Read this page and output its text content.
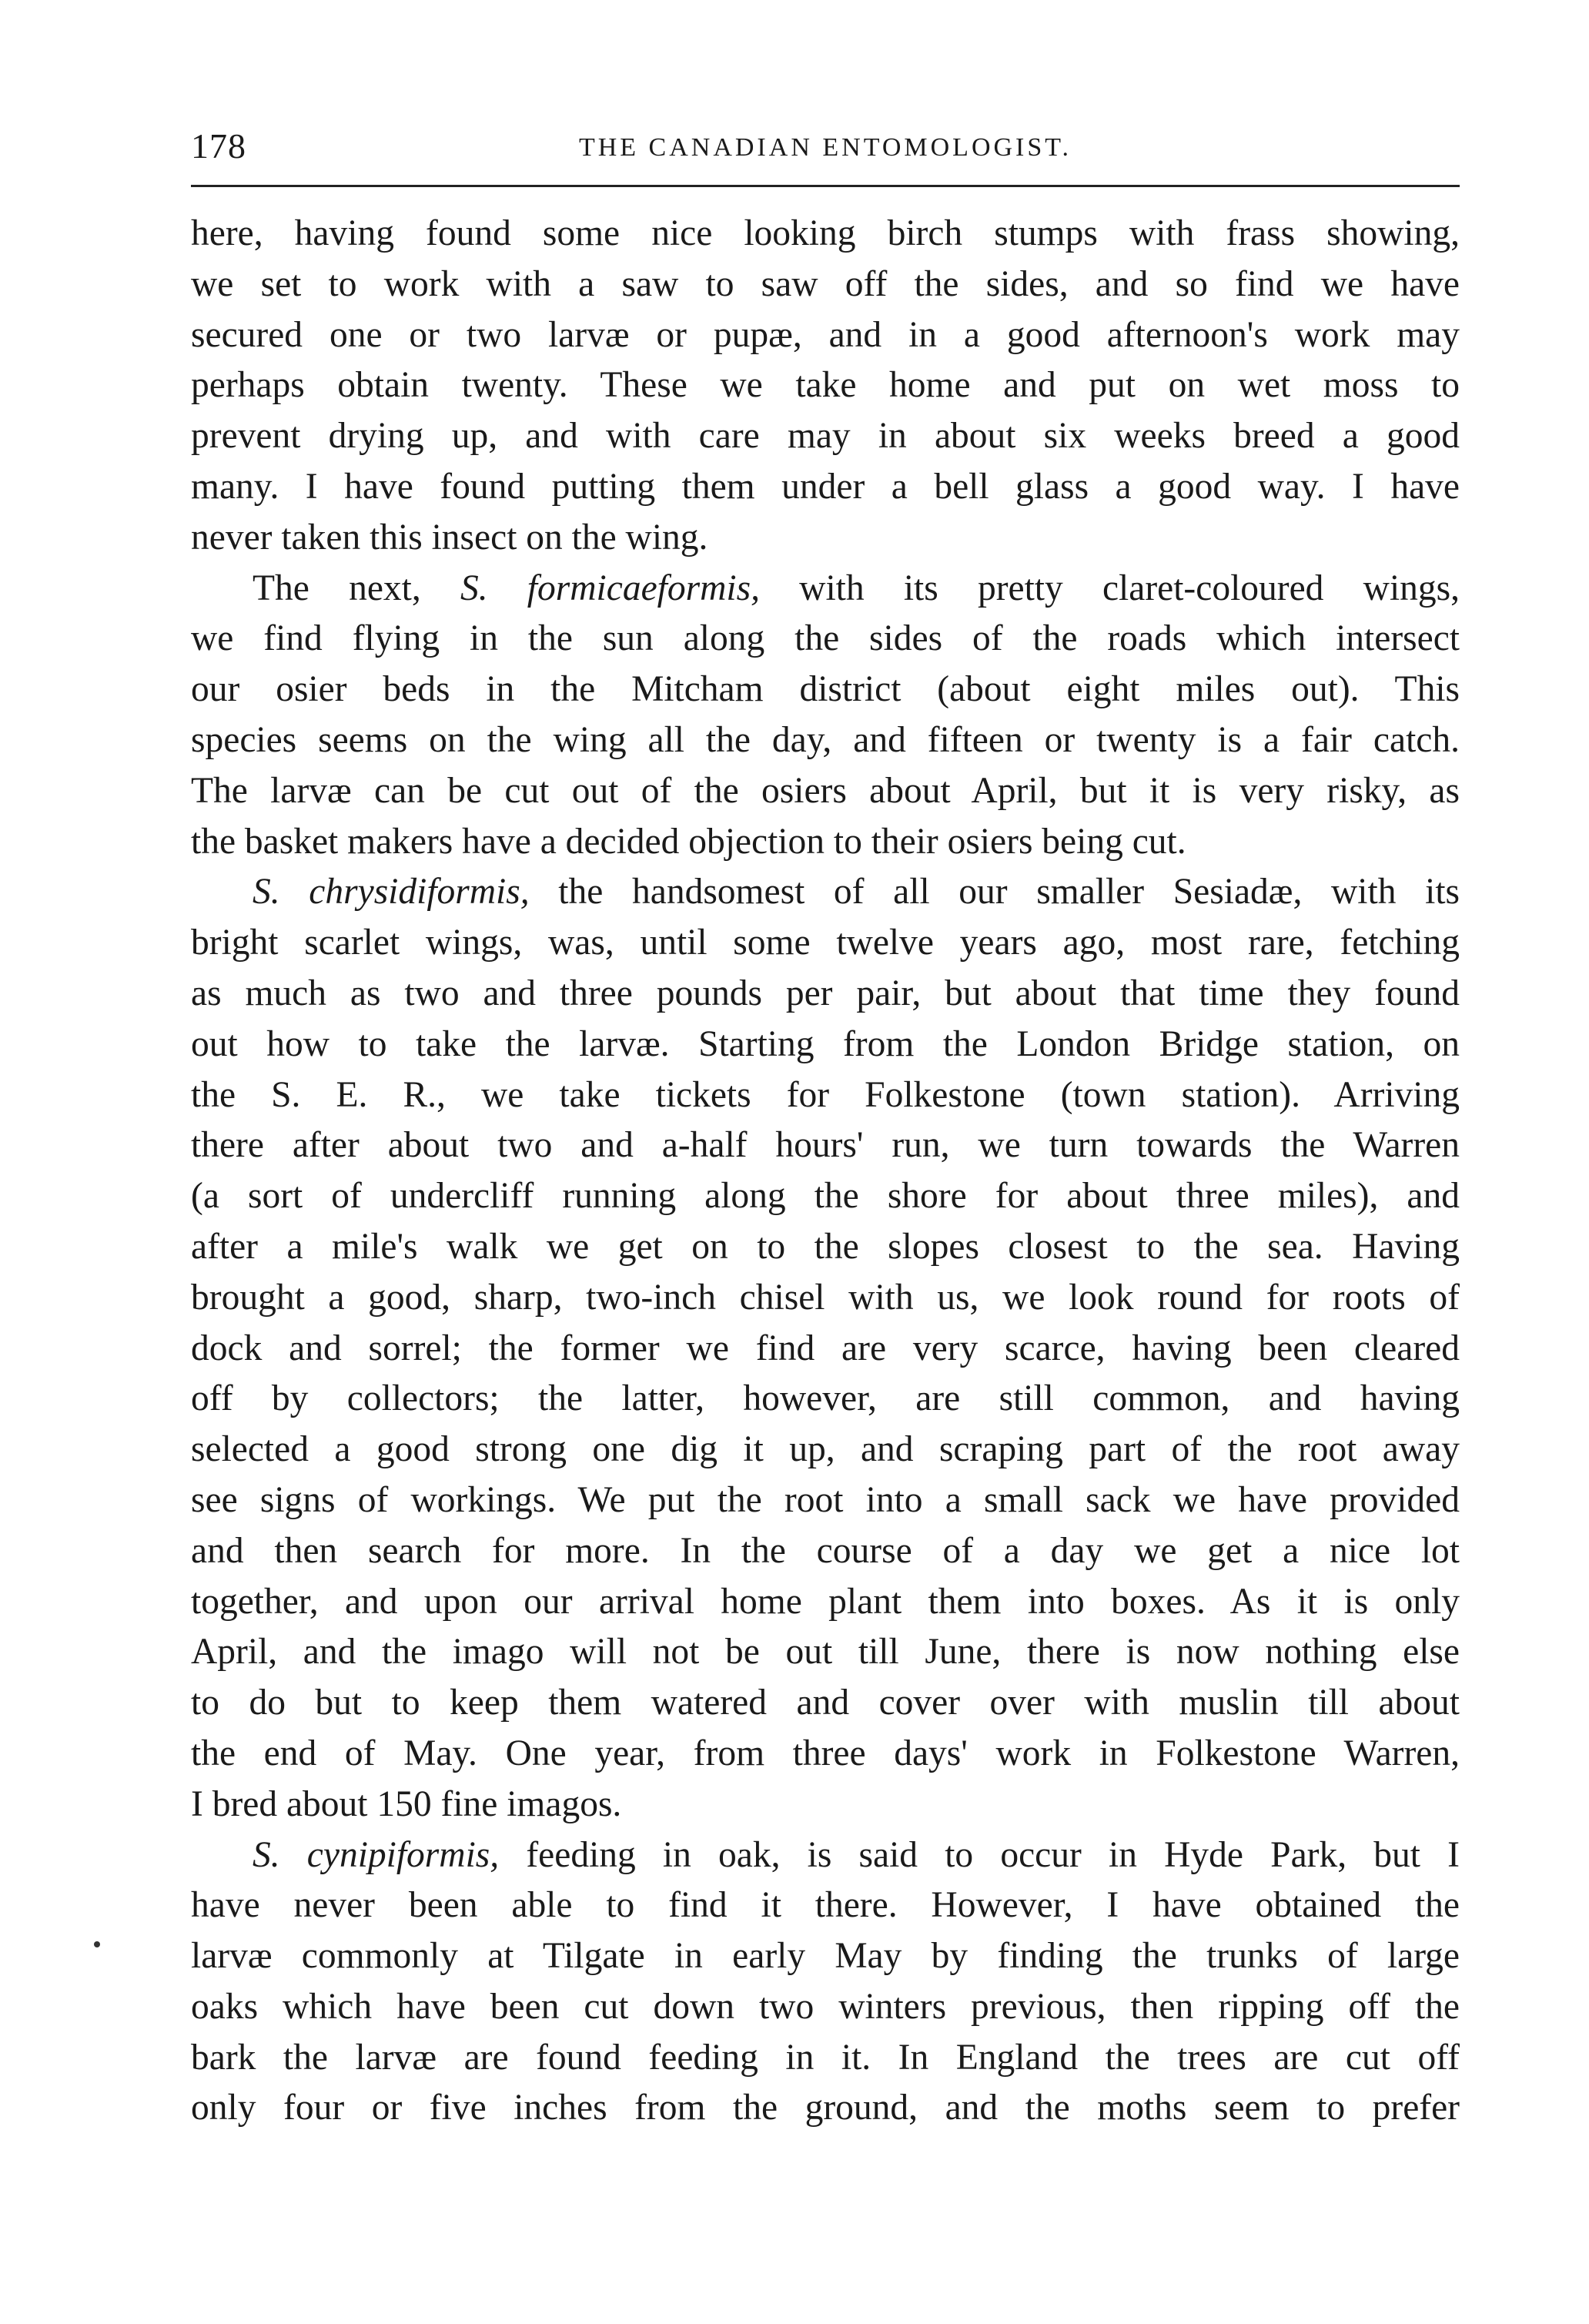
178	THE CANADIAN ENTOMOLOGIST.
here, having found some nice looking birch stumps with frass showing,
we set to work with a saw to saw off the sides, and so find we have
secured one or two larvæ or pupæ, and in a good afternoon's work may
perhaps obtain twenty. These we take home and put on wet moss to
prevent drying up, and with care may in about six weeks breed a good
many. I have found putting them under a bell glass a good way. I have
never taken this insect on the wing.
The next, S. formicaeformis, with its pretty claret-coloured wings,
we find flying in the sun along the sides of the roads which intersect
our osier beds in the Mitcham district (about eight miles out). This
species seems on the wing all the day, and fifteen or twenty is a fair catch.
The larvæ can be cut out of the osiers about April, but it is very risky, as
the basket makers have a decided objection to their osiers being cut.
S. chrysidiformis, the handsomest of all our smaller Sesiadæ, with its
bright scarlet wings, was, until some twelve years ago, most rare, fetching
as much as two and three pounds per pair, but about that time they found
out how to take the larvæ. Starting from the London Bridge station, on
the S. E. R., we take tickets for Folkestone (town station). Arriving
there after about two and a-half hours' run, we turn towards the Warren
(a sort of undercliff running along the shore for about three miles), and
after a mile's walk we get on to the slopes closest to the sea. Having
brought a good, sharp, two-inch chisel with us, we look round for roots of
dock and sorrel; the former we find are very scarce, having been cleared
off by collectors; the latter, however, are still common, and having
selected a good strong one dig it up, and scraping part of the root away
see signs of workings. We put the root into a small sack we have provided
and then search for more. In the course of a day we get a nice lot
together, and upon our arrival home plant them into boxes. As it is only
April, and the imago will not be out till June, there is now nothing else
to do but to keep them watered and cover over with muslin till about
the end of May. One year, from three days' work in Folkestone Warren,
I bred about 150 fine imagos.
S. cynipiformis, feeding in oak, is said to occur in Hyde Park, but I
have never been able to find it there. However, I have obtained the
larvæ commonly at Tilgate in early May by finding the trunks of large
oaks which have been cut down two winters previous, then ripping off the
bark the larvæ are found feeding in it. In England the trees are cut off
only four or five inches from the ground, and the moths seem to prefer
